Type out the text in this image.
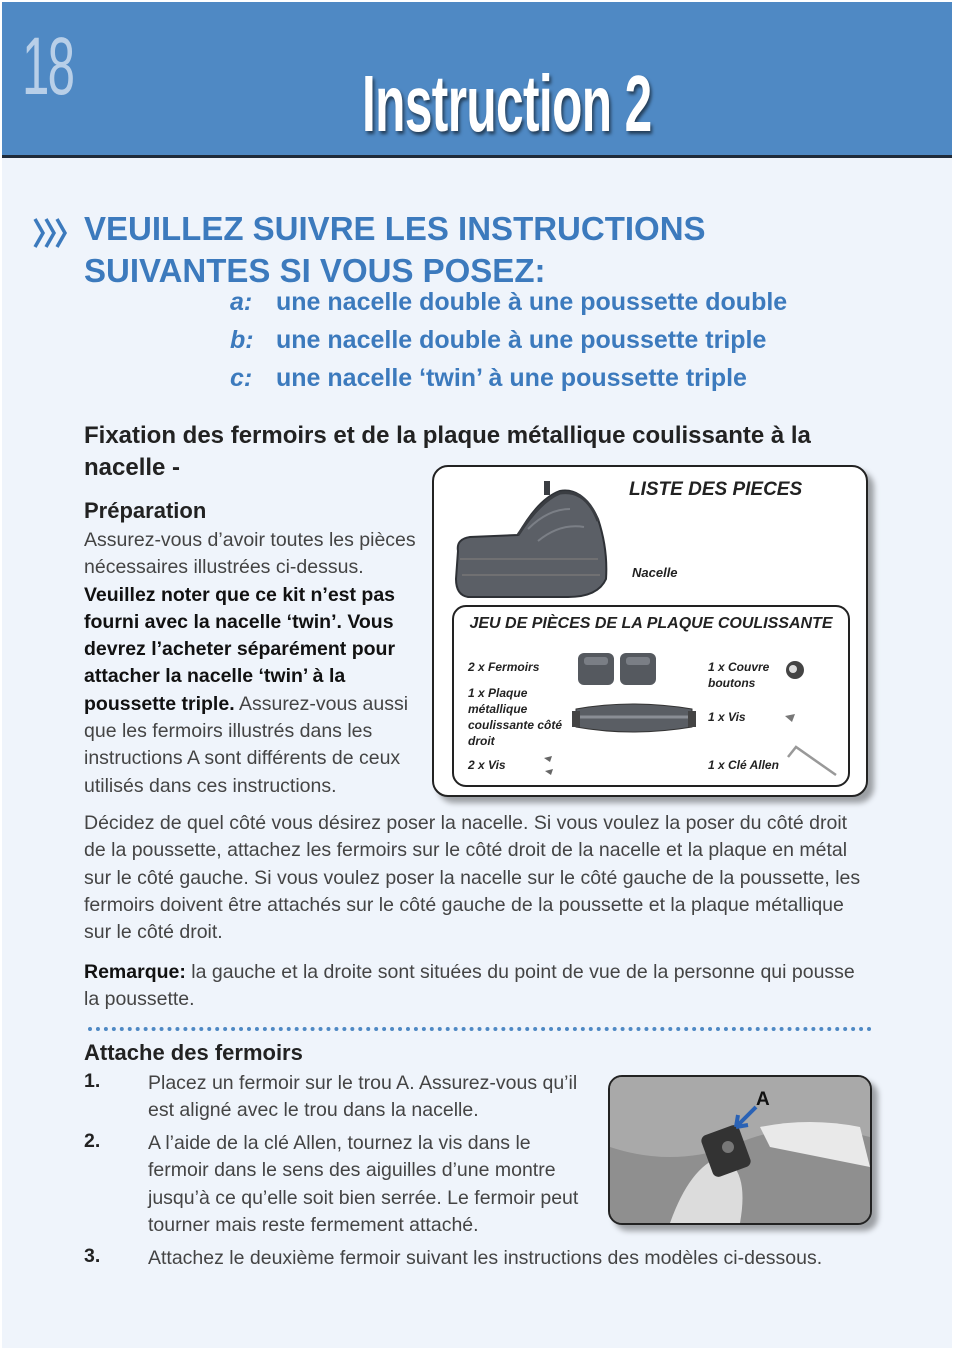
18	Instruction 2
VEUILLEZ SUIVRE LES INSTRUCTIONS SUIVANTES SI VOUS POSEZ:
a: une nacelle double à une poussette double
b: une nacelle double à une poussette triple
c: une nacelle ‘twin’ à une poussette triple
Fixation des fermoirs et de la plaque métallique coulissante à la nacelle -
Préparation
Assurez-vous d’avoir toutes les pièces nécessaires illustrées ci-dessus. Veuillez noter que ce kit n’est pas fourni avec la nacelle ‘twin’. Vous devrez l’acheter séparément pour attacher la nacelle ‘twin’ à la poussette triple. Assurez-vous aussi que les fermoirs illustrés dans les instructions A sont différents de ceux utilisés dans ces instructions.
LISTE DES PIECES
Nacelle
JEU DE PIÈCES DE LA PLAQUE COULISSANTE
2 x Fermoirs
1 x Plaque métallique coulissante côté droit
2 x Vis
1 x Couvre boutons
1 x Vis
1 x Clé Allen
Décidez de quel côté vous désirez poser la nacelle. Si vous voulez la poser du côté droit de la poussette, attachez les fermoirs sur le côté droit de la nacelle et la plaque en métal sur le côté gauche. Si vous voulez poser la nacelle sur le côté gauche de la poussette, les fermoirs doivent être attachés sur le côté gauche de la poussette et la plaque métallique sur le côté droit.
Remarque: la gauche et la droite sont situées du point de vue de la personne qui pousse la poussette.
Attache des fermoirs
1. Placez un fermoir sur le trou A. Assurez-vous qu’il est aligné avec le trou dans la nacelle.
2. A l’aide de la clé Allen, tournez la vis dans le fermoir dans le sens des aiguilles d’une montre jusqu’à ce qu’elle soit bien serrée. Le fermoir peut tourner mais reste fermement attaché.
3. Attachez le deuxième fermoir suivant les instructions des modèles ci-dessous.
A
